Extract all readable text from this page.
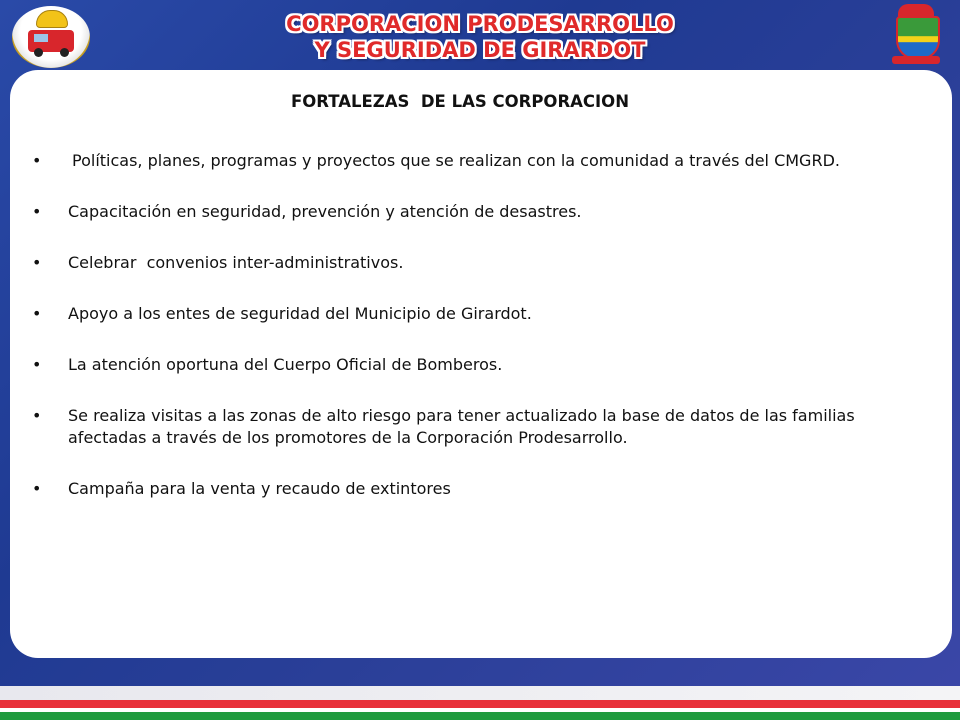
CORPORACION PRODESARROLLO
Y SEGURIDAD DE GIRARDOT
FORTALEZAS  DE LAS CORPORACION
• Políticas, planes, programas y proyectos que se realizan con la comunidad a través del CMGRD.
• Capacitación en seguridad, prevención y atención de desastres.
• Celebrar  convenios inter-administrativos.
• Apoyo a los entes de seguridad del Municipio de Girardot.
• La atención oportuna del Cuerpo Oficial de Bomberos.
• Se realiza visitas a las zonas de alto riesgo para tener actualizado la base de datos de las familias afectadas a través de los promotores de la Corporación Prodesarrollo.
• Campaña para la venta y recaudo de extintores
